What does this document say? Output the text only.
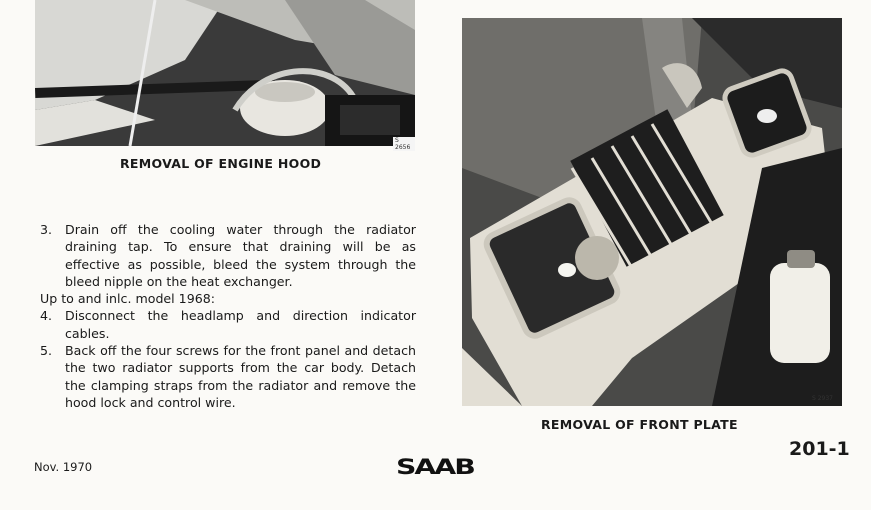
S 2656
REMOVAL OF ENGINE HOOD
3.	Drain off the cooling water through the radiator draining tap. To ensure that draining will be as effective as possible, bleed the system through the bleed nipple on the heat exchanger.
Up to and inlc. model 1968:
4.	Disconnect the headlamp and direction indicator cables.
5.	Back off the four screws for the front panel and detach the two radiator supports from the car body. Detach the clamping straps from the radiator and remove the hood lock and control wire.	S 2937
REMOVAL OF FRONT PLATE
Nov. 1970	SAAB
201-1
